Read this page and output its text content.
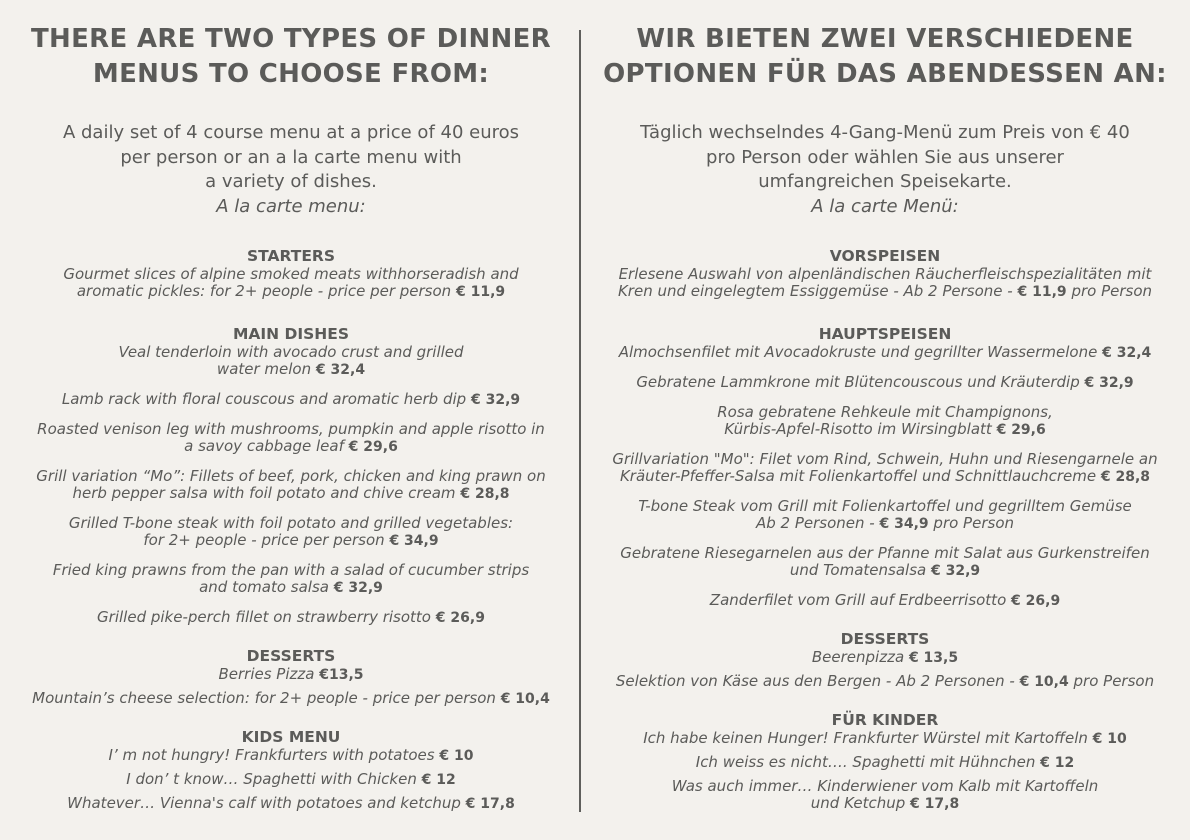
THERE ARE TWO TYPES OF DINNER
MENUS TO CHOOSE FROM:
A daily set of 4 course menu at a price of 40 euros
per person or an a la carte menu with
a variety of dishes.
A la carte menu:
STARTERS
Gourmet slices of alpine smoked meats withhorseradish and
aromatic pickles: for 2+ people - price per person € 11,9
MAIN DISHES
Veal tenderloin with avocado crust and grilled
water melon € 32,4
Lamb rack with floral couscous and aromatic herb dip € 32,9
Roasted venison leg with mushrooms, pumpkin and apple risotto in
a savoy cabbage leaf € 29,6
Grill variation “Mo”: Fillets of beef, pork, chicken and king prawn on
herb pepper salsa with foil potato and chive cream € 28,8
Grilled T-bone steak with foil potato and grilled vegetables:
for 2+ people - price per person € 34,9
Fried king prawns from the pan with a salad of cucumber strips
and tomato salsa € 32,9
Grilled pike-perch fillet on strawberry risotto € 26,9
DESSERTS
Berries Pizza €13,5
Mountain’s cheese selection: for 2+ people - price per person € 10,4
KIDS MENU
I’ m not hungry! Frankfurters with potatoes € 10
I don’ t know… Spaghetti with Chicken € 12
Whatever… Vienna's calf with potatoes and ketchup € 17,8
WIR BIETEN ZWEI VERSCHIEDENE
OPTIONEN FÜR DAS ABENDESSEN AN:
Täglich wechselndes 4-Gang-Menü zum Preis von € 40
pro Person oder wählen Sie aus unserer
umfangreichen Speisekarte.
A la carte Menü:
VORSPEISEN
Erlesene Auswahl von alpenländischen Räucherfleischspezialitäten mit
Kren und eingelegtem Essiggemüse - Ab 2 Persone - € 11,9 pro Person
HAUPTSPEISEN
Almochsenfilet mit Avocadokruste und gegrillter Wassermelone € 32,4
Gebratene Lammkrone mit Blütencouscous und Kräuterdip € 32,9
Rosa gebratene Rehkeule mit Champignons,
Kürbis-Apfel-Risotto im Wirsingblatt € 29,6
Grillvariation "Mo": Filet vom Rind, Schwein, Huhn und Riesengarnele an
Kräuter-Pfeffer-Salsa mit Folienkartoffel und Schnittlauchcreme € 28,8
T-bone Steak vom Grill mit Folienkartoffel und gegrilltem Gemüse
Ab 2 Personen - € 34,9 pro Person
Gebratene Riesegarnelen aus der Pfanne mit Salat aus Gurkenstreifen
und Tomatensalsa € 32,9
Zanderfilet vom Grill auf Erdbeerrisotto € 26,9
DESSERTS
Beerenpizza € 13,5
Selektion von Käse aus den Bergen - Ab 2 Personen - € 10,4 pro Person
FÜR KINDER
Ich habe keinen Hunger! Frankfurter Würstel mit Kartoffeln € 10
Ich weiss es nicht…. Spaghetti mit Hühnchen € 12
Was auch immer… Kinderwiener vom Kalb mit Kartoffeln
und Ketchup € 17,8
